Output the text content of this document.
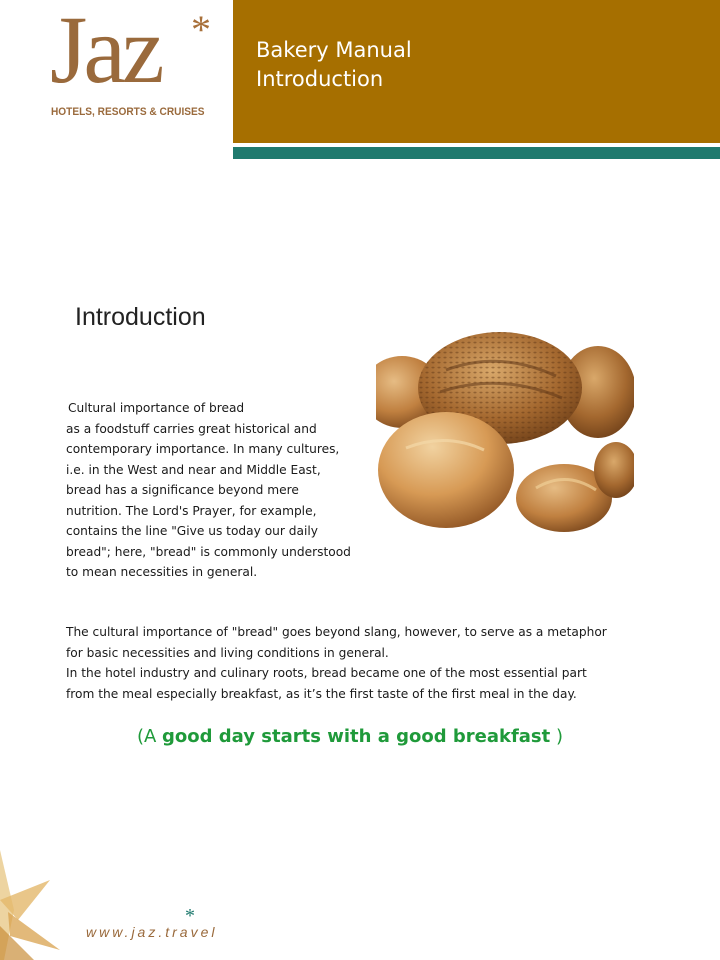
Jaz *
HOTELS, RESORTS & CRUISES
Bakery Manual
Introduction
Introduction
Cultural importance of bread
as a foodstuff carries great historical and contemporary importance. In many cultures, i.e. in the West and near and Middle East, bread has a significance beyond mere nutrition. The Lord's Prayer, for example, contains the line "Give us today our daily bread"; here, "bread" is commonly understood to mean necessities in general.
The cultural importance of "bread" goes beyond slang, however, to serve as a metaphor
for basic necessities and living conditions in general.
In the hotel industry and culinary roots, bread became one of the most essential part
from the meal especially breakfast, as it’s the first taste of the first meal in the day.
(A good day starts with a good breakfast )
*
www.jaz.travel
